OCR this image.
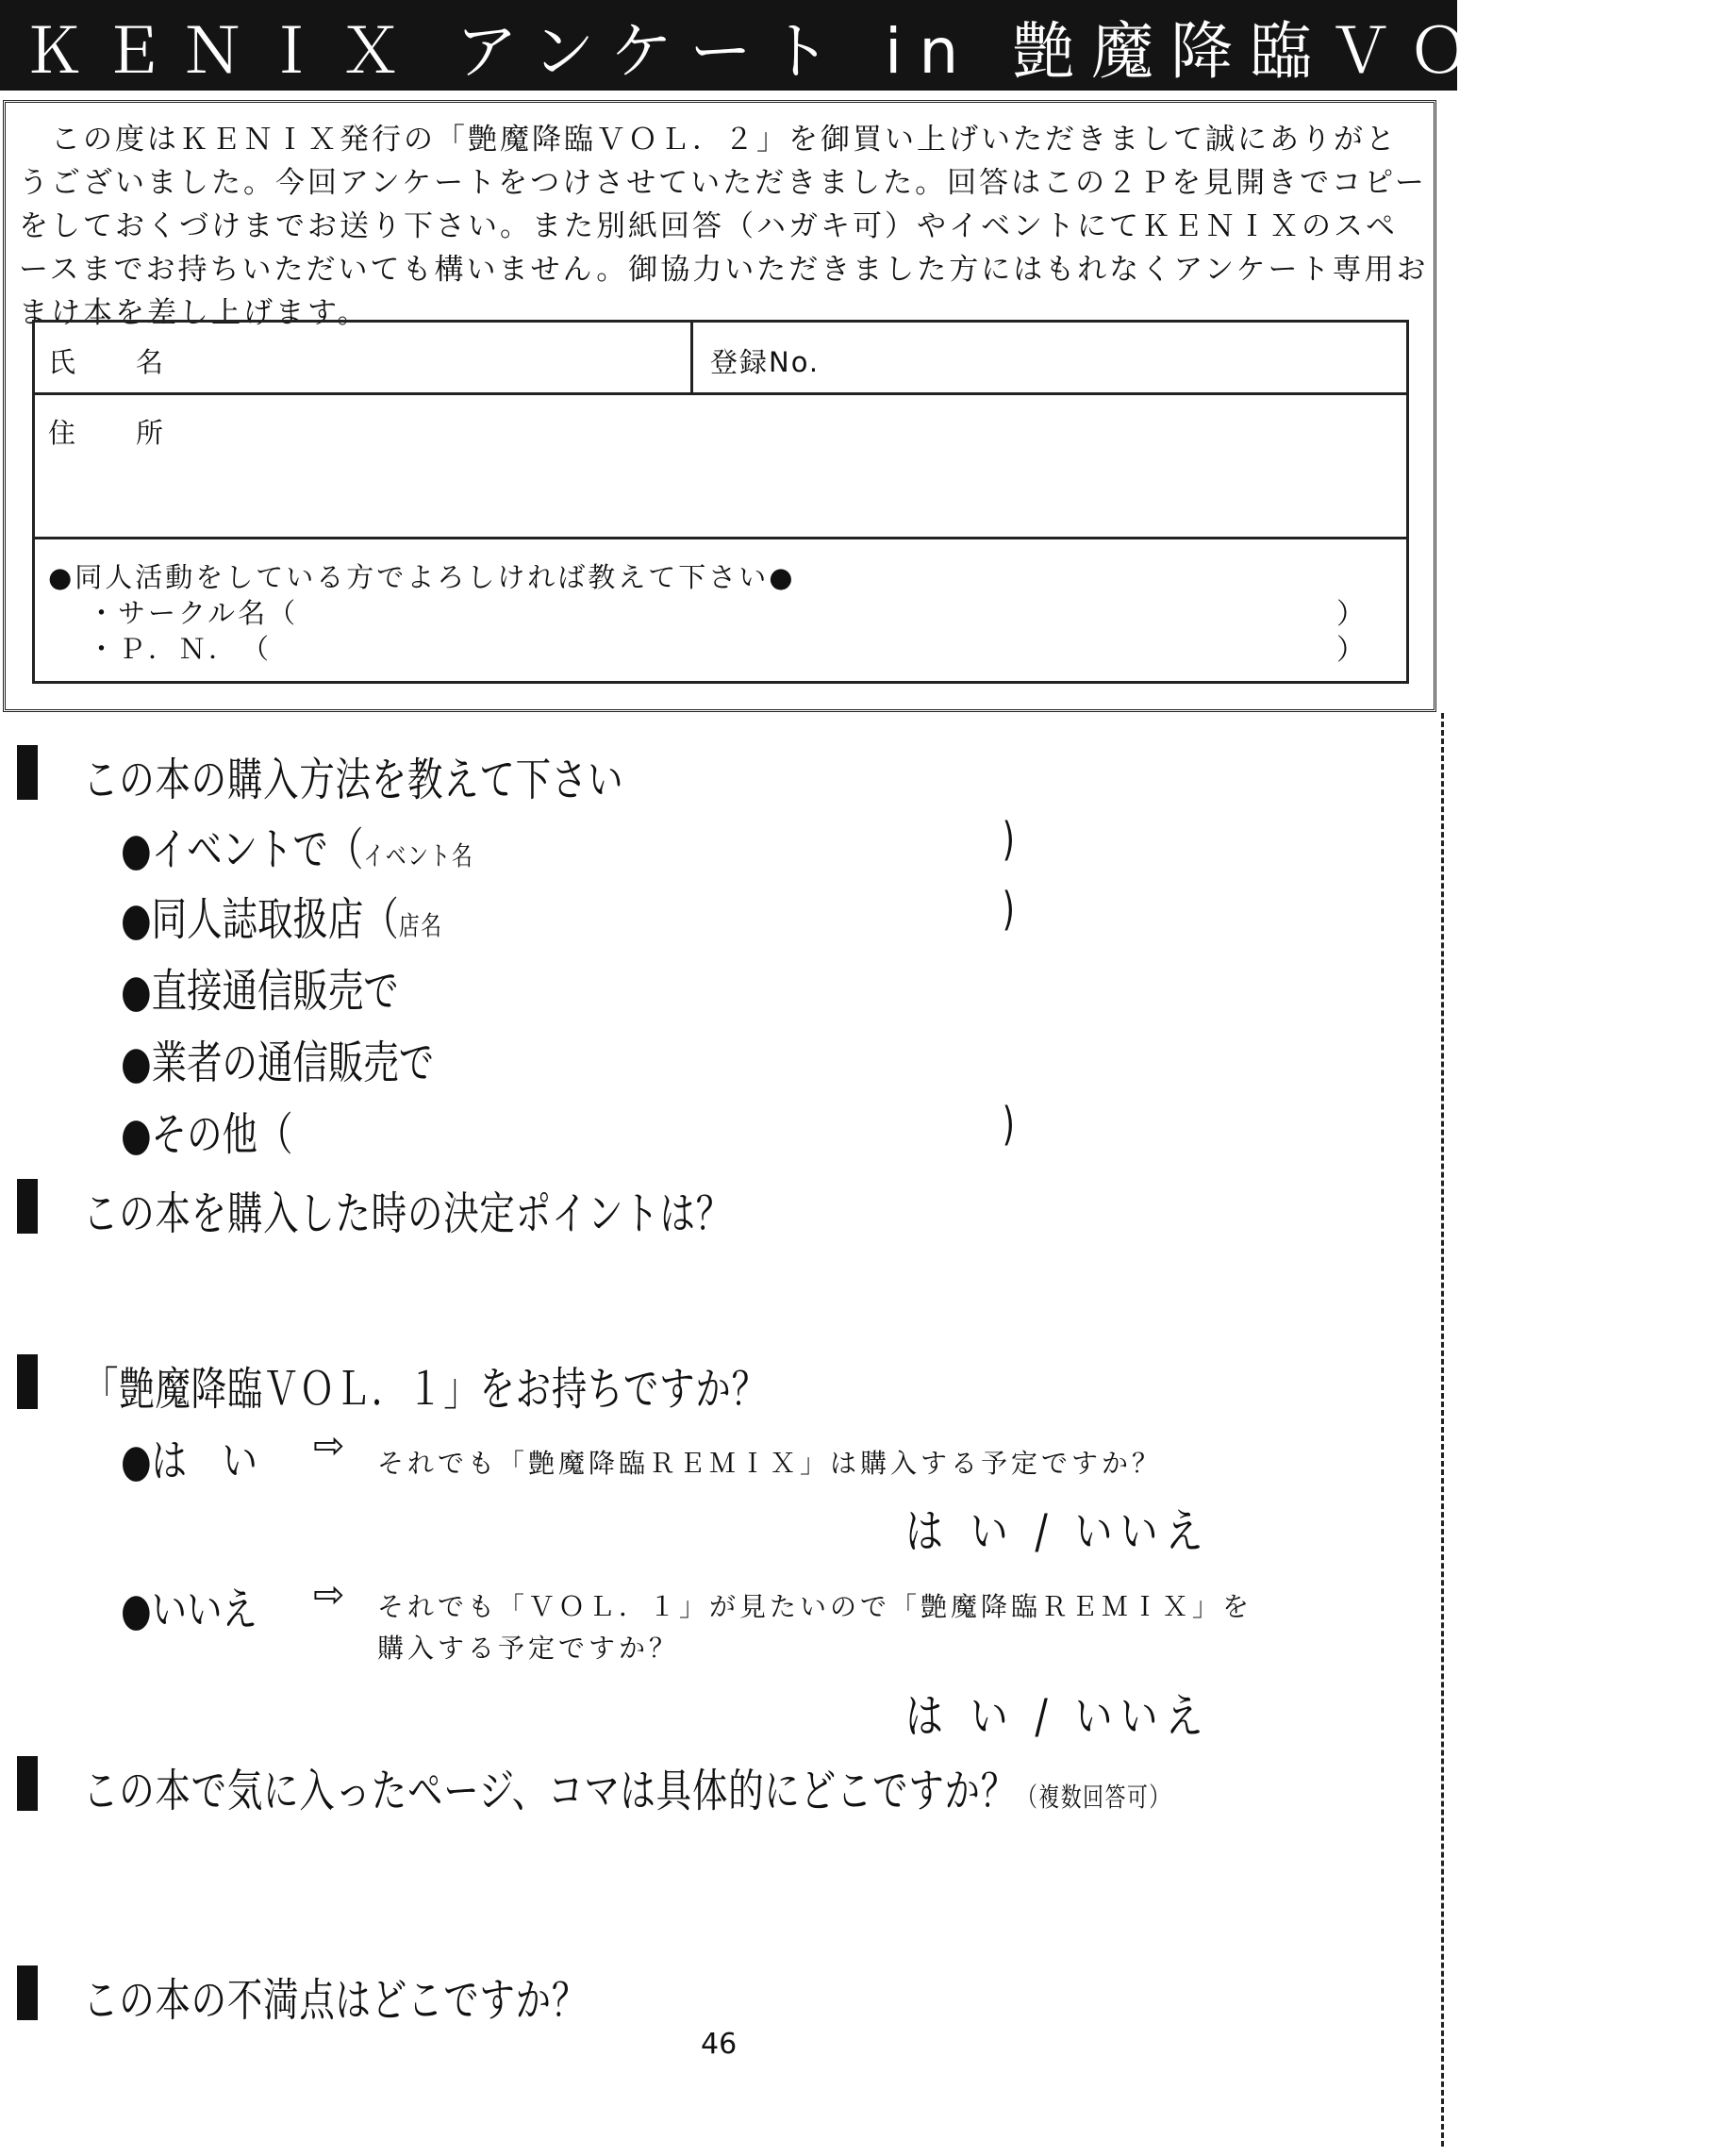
ＫＥＮＩＸ アンケート in 艶魔降臨ＶＯＬ．２

この度はＫＥＮＩＸ発行の「艶魔降臨ＶＯＬ．２」を御買い上げいただきまして誠にありがとうございました。今回アンケートをつけさせていただきました。回答はこの２Ｐを見開きでコピーをしておくづけまでお送り下さい。また別紙回答（ハガキ可）やイベントにてＫＥＮＩＸのスペースまでお持ちいただいても構いません。御協力いただきました方にはもれなくアンケート専用おまけ本を差し上げます。

氏　　名	登録No.
住　　所
●同人活動をしている方でよろしければ教えて下さい●
・サークル名（	）
・Ｐ．Ｎ．　（	）
この本の購入方法を教えて下さい
●イベントで（イベント名	)
●同人誌取扱店（店名	)
●直接通信販売で
●業者の通信販売で
●その他（	)
この本を購入した時の決定ポイントは？
「艶魔降臨ＶＯＬ．１」をお持ちですか？
●は　い ⇨ それでも「艶魔降臨ＲＥＭＩＸ」は購入する予定ですか？
は い / いいえ
●いいえ ⇨ それでも「ＶＯＬ．１」が見たいので「艶魔降臨ＲＥＭＩＸ」を
購入する予定ですか？
は い / いいえ
この本で気に入ったページ、コマは具体的にどこですか？（複数回答可）
この本の不満点はどこですか？
46
